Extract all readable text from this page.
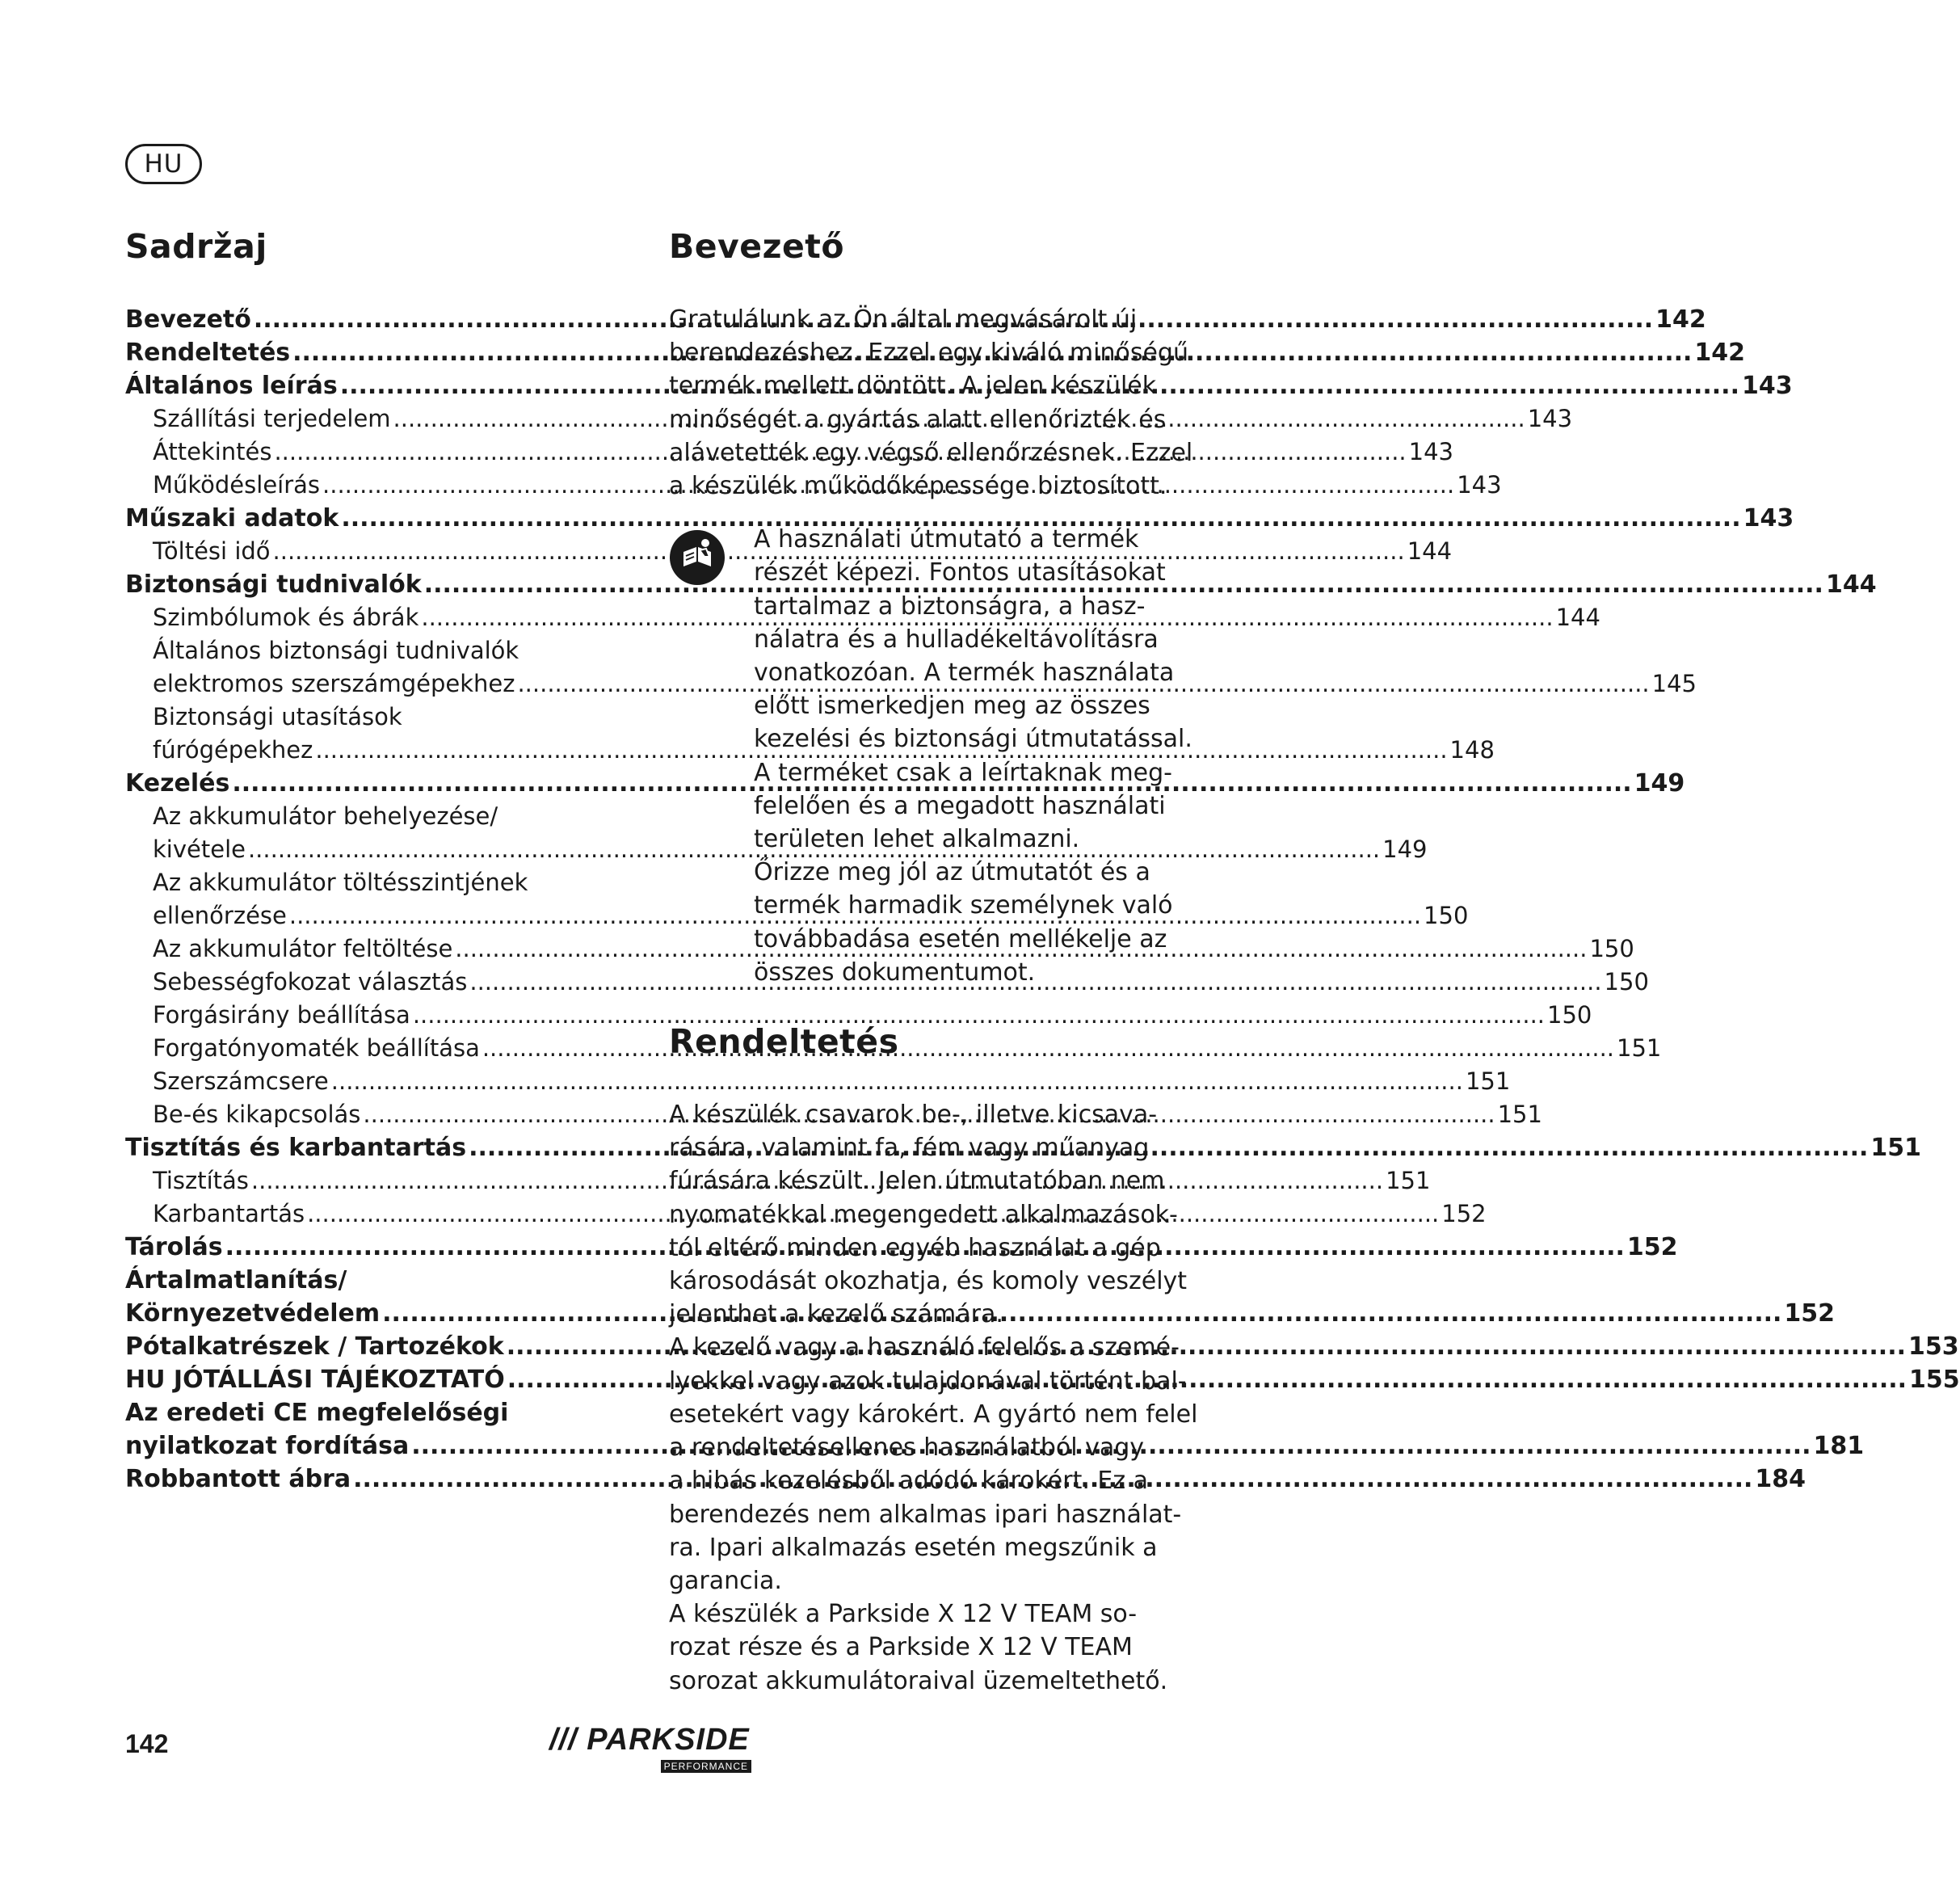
HU
Sadržaj
Bevezető .....	142
Rendeltetés .....	142
Általános leírás .....	143
Szállítási terjedelem .....	143
Áttekintés .....	143
Működésleírás .....	143
Műszaki adatok .....	143
Töltési idő .....	144
Biztonsági tudnivalók .....	144
Szimbólumok és ábrák .....	144
Általános biztonsági tudnivalók
elektromos szerszámgépekhez .....	145
Biztonsági utasítások
fúrógépekhez .....	148
Kezelés .....	149
Az akkumulátor behelyezése/
kivétele .....	149
Az akkumulátor töltésszintjének
ellenőrzése .....	150
Az akkumulátor feltöltése .....	150
Sebességfokozat választás .....	150
Forgásirány beállítása .....	150
Forgatónyomaték beállítása .....	151
Szerszámcsere .....	151
Be-és kikapcsolás .....	151
Tisztítás és karbantartás .....	151
Tisztítás .....	151
Karbantartás .....	152
Tárolás .....	152
Ártalmatlanítás/
Környezetvédelem .....	152
Pótalkatrészek / Tartozékok .....	153
HU JÓTÁLLÁSI TÁJÉKOZTATÓ .....	155
Az eredeti CE megfelelőségi
nyilatkozat fordítása .....	181
Robbantott ábra .....	184
Bevezető
Gratulálunk az Ön által megvásárolt új
berendezéshez. Ezzel egy kiváló minőségű
termék mellett döntött. A jelen készülék
minőségét a gyártás alatt ellenőrizték és
alávetették egy végső ellenőrzésnek. Ezzel
a készülék működőképessége biztosított.
A használati útmutató a termék
részét képezi. Fontos utasításokat
tartalmaz a biztonságra, a hasz-
nálatra és a hulladékeltávolításra
vonatkozóan. A termék használata
előtt ismerkedjen meg az összes
kezelési és biztonsági útmutatással.
A terméket csak a leírtaknak meg-
felelően és a megadott használati
területen lehet alkalmazni.
Őrizze meg jól az útmutatót és a
termék harmadik személynek való
továbbadása esetén mellékelje az
összes dokumentumot.
Rendeltetés
A készülék csavarok be-, illetve kicsava-
rására, valamint fa, fém vagy műanyag
fúrására készült. Jelen útmutatóban nem
nyomatékkal megengedett alkalmazások-
tól eltérő minden egyéb használat a gép
károsodását okozhatja, és komoly veszélyt
jelenthet a kezelő számára.
A kezelő vagy a használó felelős a szemé-
lyekkel vagy azok tulajdonával történt bal-
esetekért vagy károkért. A gyártó nem felel
a rendeltetésellenes használatból vagy
a hibás kezelésből adódó károkért. Ez a
berendezés nem alkalmas ipari használat-
ra. Ipari alkalmazás esetén megszűnik a
garancia.
A készülék a Parkside X 12 V TEAM so-
rozat része és a Parkside X 12 V TEAM
sorozat akkumulátoraival üzemeltethető.
142	/// PARKSIDE
PERFORMANCE
